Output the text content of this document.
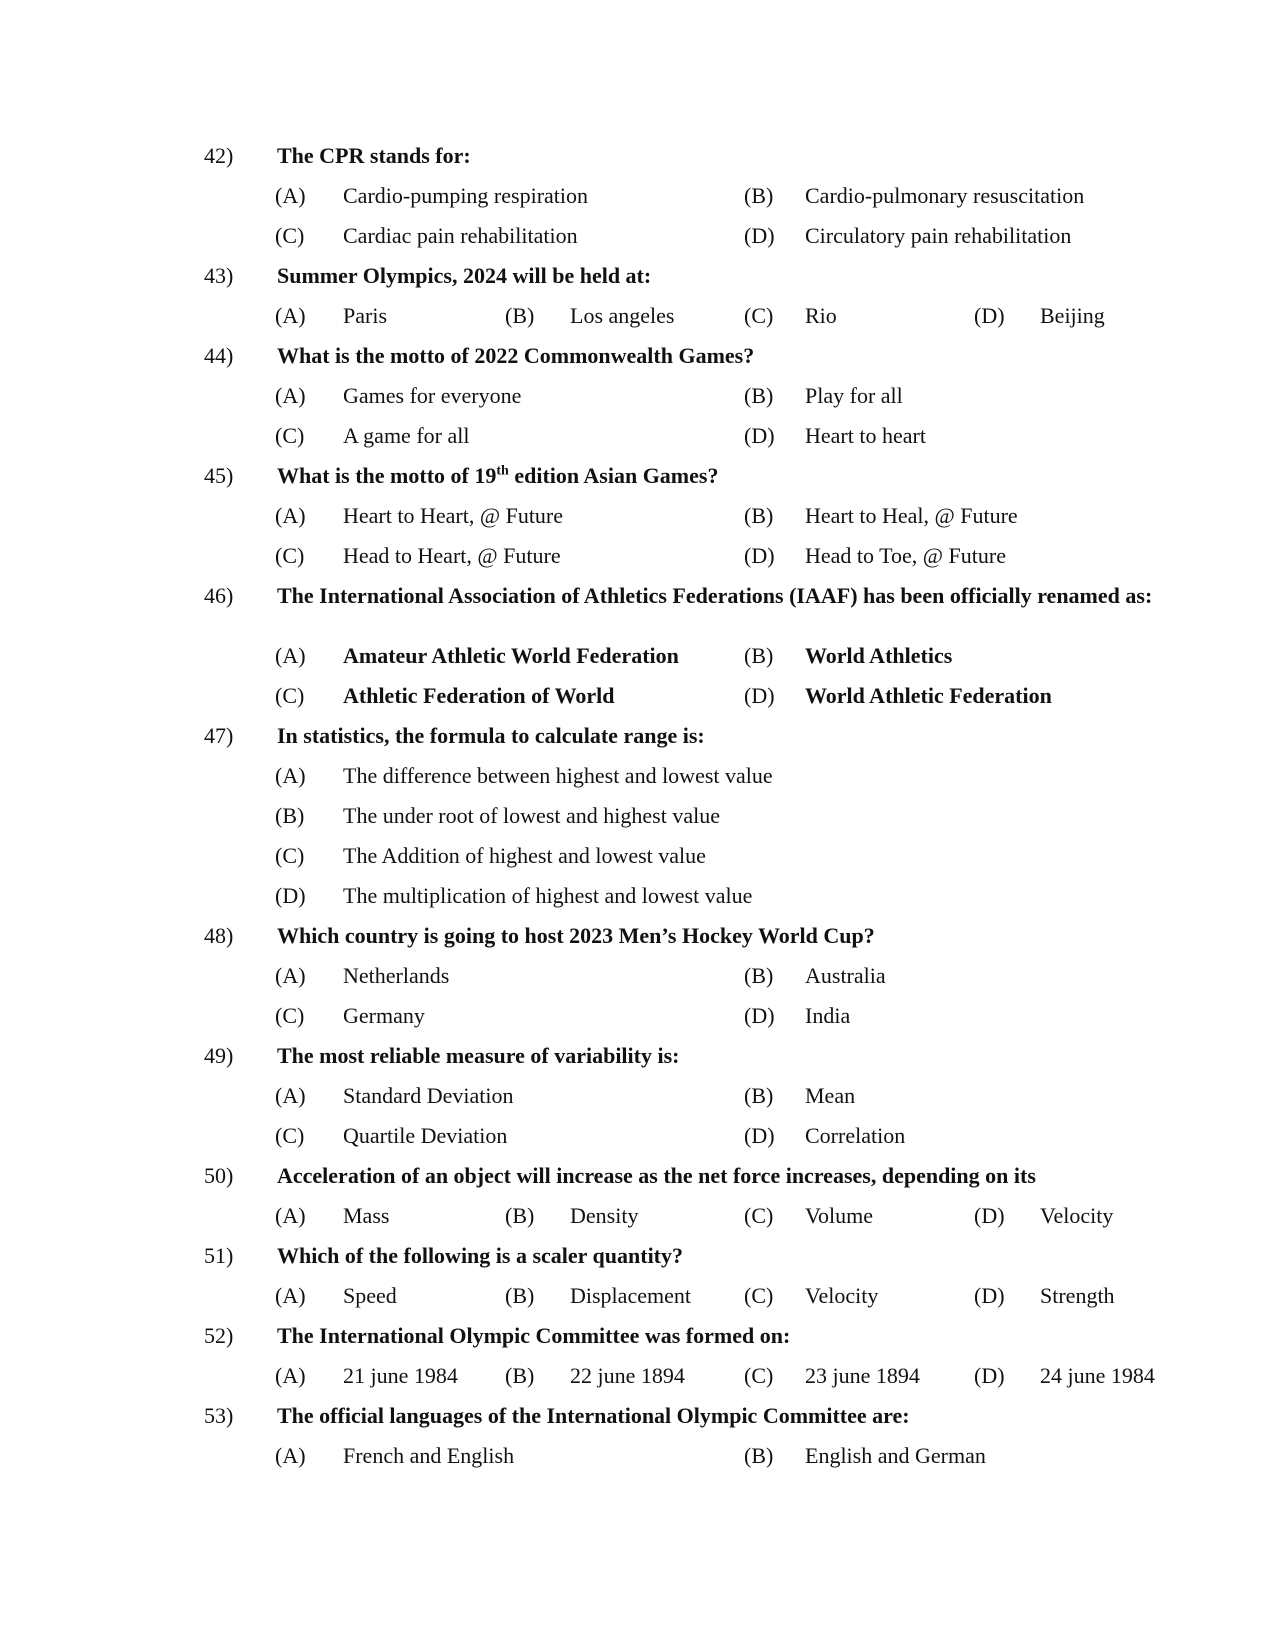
42) The CPR stands for:
(A) Cardio-pumping respiration	(B) Cardio-pulmonary resuscitation
(C) Cardiac pain rehabilitation	(D) Circulatory pain rehabilitation
43) Summer Olympics, 2024 will be held at:
(A) Paris	(B) Los angeles	(C) Rio	(D) Beijing
44) What is the motto of 2022 Commonwealth Games?
(A) Games for everyone	(B) Play for all
(C) A game for all	(D) Heart to heart
45) What is the motto of 19th edition Asian Games?
(A) Heart to Heart, @ Future	(B) Heart to Heal, @ Future
(C) Head to Heart, @ Future	(D) Head to Toe, @ Future
46) The International Association of Athletics Federations (IAAF) has been officially renamed as:
(A) Amateur Athletic World Federation	(B) World Athletics
(C) Athletic Federation of World	(D) World Athletic Federation
47) In statistics, the formula to calculate range is:
(A) The difference between highest and lowest value
(B) The under root of lowest and highest value
(C) The Addition of highest and lowest value
(D) The multiplication of highest and lowest value
48) Which country is going to host 2023 Men’s Hockey World Cup?
(A) Netherlands	(B) Australia
(C) Germany	(D) India
49) The most reliable measure of variability is:
(A) Standard Deviation	(B) Mean
(C) Quartile Deviation	(D) Correlation
50) Acceleration of an object will increase as the net force increases, depending on its
(A) Mass	(B) Density	(C) Volume	(D) Velocity
51) Which of the following is a scaler quantity?
(A) Speed	(B) Displacement (C) Velocity	(D) Strength
52) The International Olympic Committee was formed on:
(A) 21 june 1984 (B) 22 june 1894	(C) 23 june 1894 (D) 24 june 1984
53) The official languages of the International Olympic Committee are:
(A) French and English	(B) English and German
